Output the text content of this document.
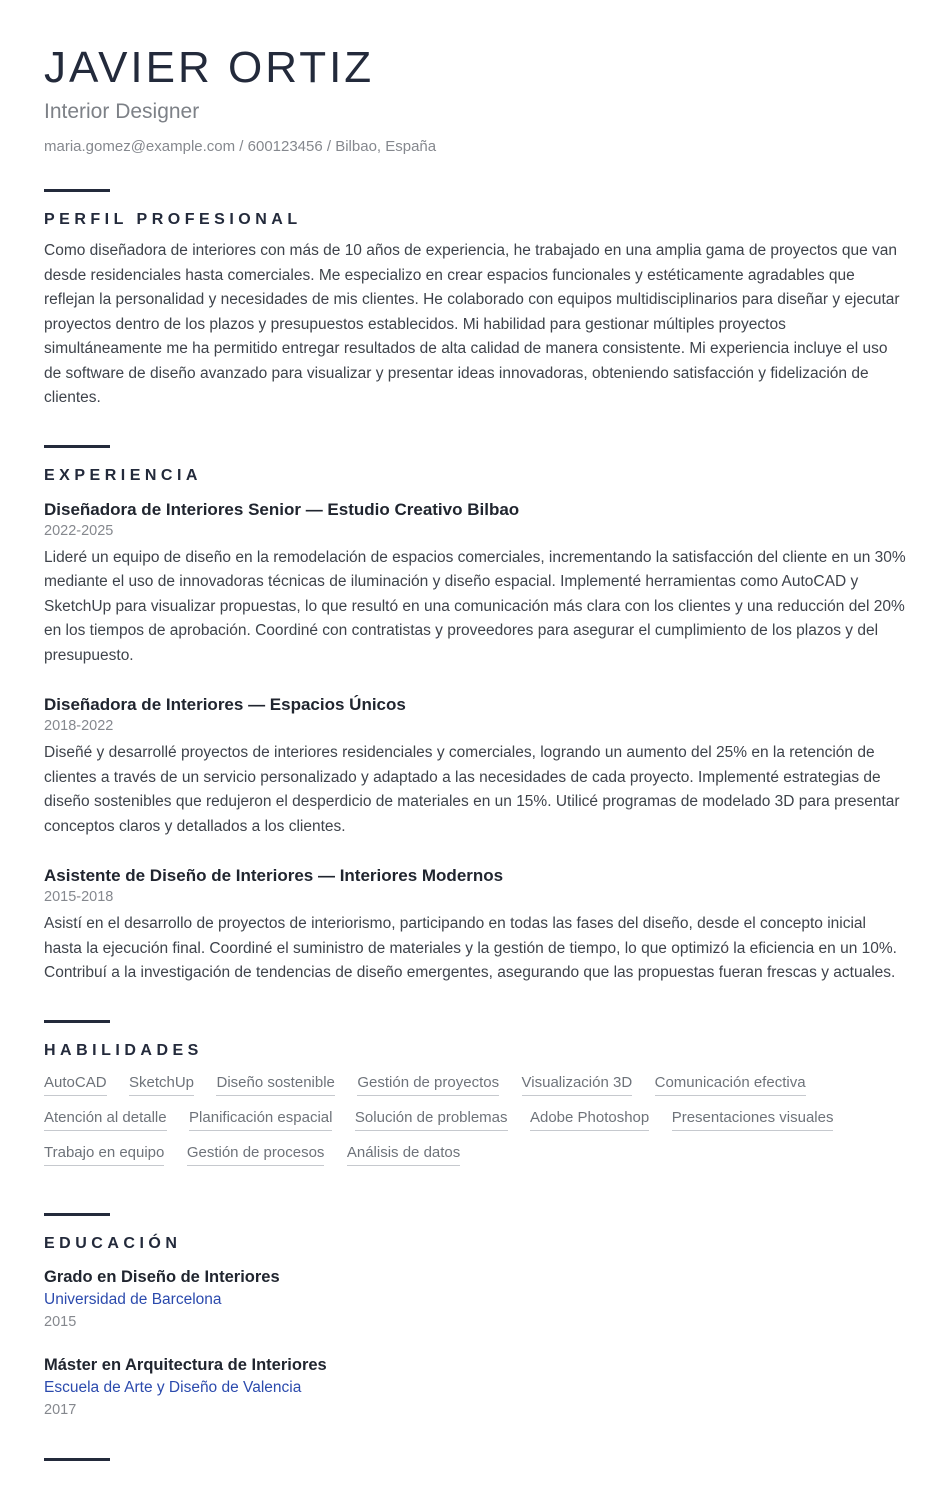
JAVIER ORTIZ
Interior Designer
maria.gomez@example.com / 600123456 / Bilbao, España
PERFIL PROFESIONAL

Como diseñadora de interiores con más de 10 años de experiencia, he trabajado en una amplia gama de proyectos que van desde residenciales hasta comerciales. Me especializo en crear espacios funcionales y estéticamente agradables que reflejan la personalidad y necesidades de mis clientes. He colaborado con equipos multidisciplinarios para diseñar y ejecutar proyectos dentro de los plazos y presupuestos establecidos. Mi habilidad para gestionar múltiples proyectos simultáneamente me ha permitido entregar resultados de alta calidad de manera consistente. Mi experiencia incluye el uso de software de diseño avanzado para visualizar y presentar ideas innovadoras, obteniendo satisfacción y fidelización de clientes.

EXPERIENCIA
Diseñadora de Interiores Senior — Estudio Creativo Bilbao
2022-2025

Lideré un equipo de diseño en la remodelación de espacios comerciales, incrementando la satisfacción del cliente en un 30% mediante el uso de innovadoras técnicas de iluminación y diseño espacial. Implementé herramientas como AutoCAD y SketchUp para visualizar propuestas, lo que resultó en una comunicación más clara con los clientes y una reducción del 20% en los tiempos de aprobación. Coordiné con contratistas y proveedores para asegurar el cumplimiento de los plazos y del presupuesto.

Diseñadora de Interiores — Espacios Únicos
2018-2022

Diseñé y desarrollé proyectos de interiores residenciales y comerciales, logrando un aumento del 25% en la retención de clientes a través de un servicio personalizado y adaptado a las necesidades de cada proyecto. Implementé estrategias de diseño sostenibles que redujeron el desperdicio de materiales en un 15%. Utilicé programas de modelado 3D para presentar conceptos claros y detallados a los clientes.

Asistente de Diseño de Interiores — Interiores Modernos
2015-2018

Asistí en el desarrollo de proyectos de interiorismo, participando en todas las fases del diseño, desde el concepto inicial hasta la ejecución final. Coordiné el suministro de materiales y la gestión de tiempo, lo que optimizó la eficiencia en un 10%. Contribuí a la investigación de tendencias de diseño emergentes, asegurando que las propuestas fueran frescas y actuales.

HABILIDADES
AutoCAD SketchUp Diseño sostenible Gestión de proyectos Visualización 3D Comunicación efectiva Atención al detalle Planificación espacial Solución de problemas Adobe Photoshop Presentaciones visuales Trabajo en equipo Gestión de procesos Análisis de datos
EDUCACIÓN
Grado en Diseño de Interiores
Universidad de Barcelona
2015
Máster en Arquitectura de Interiores
Escuela de Arte y Diseño de Valencia
2017
